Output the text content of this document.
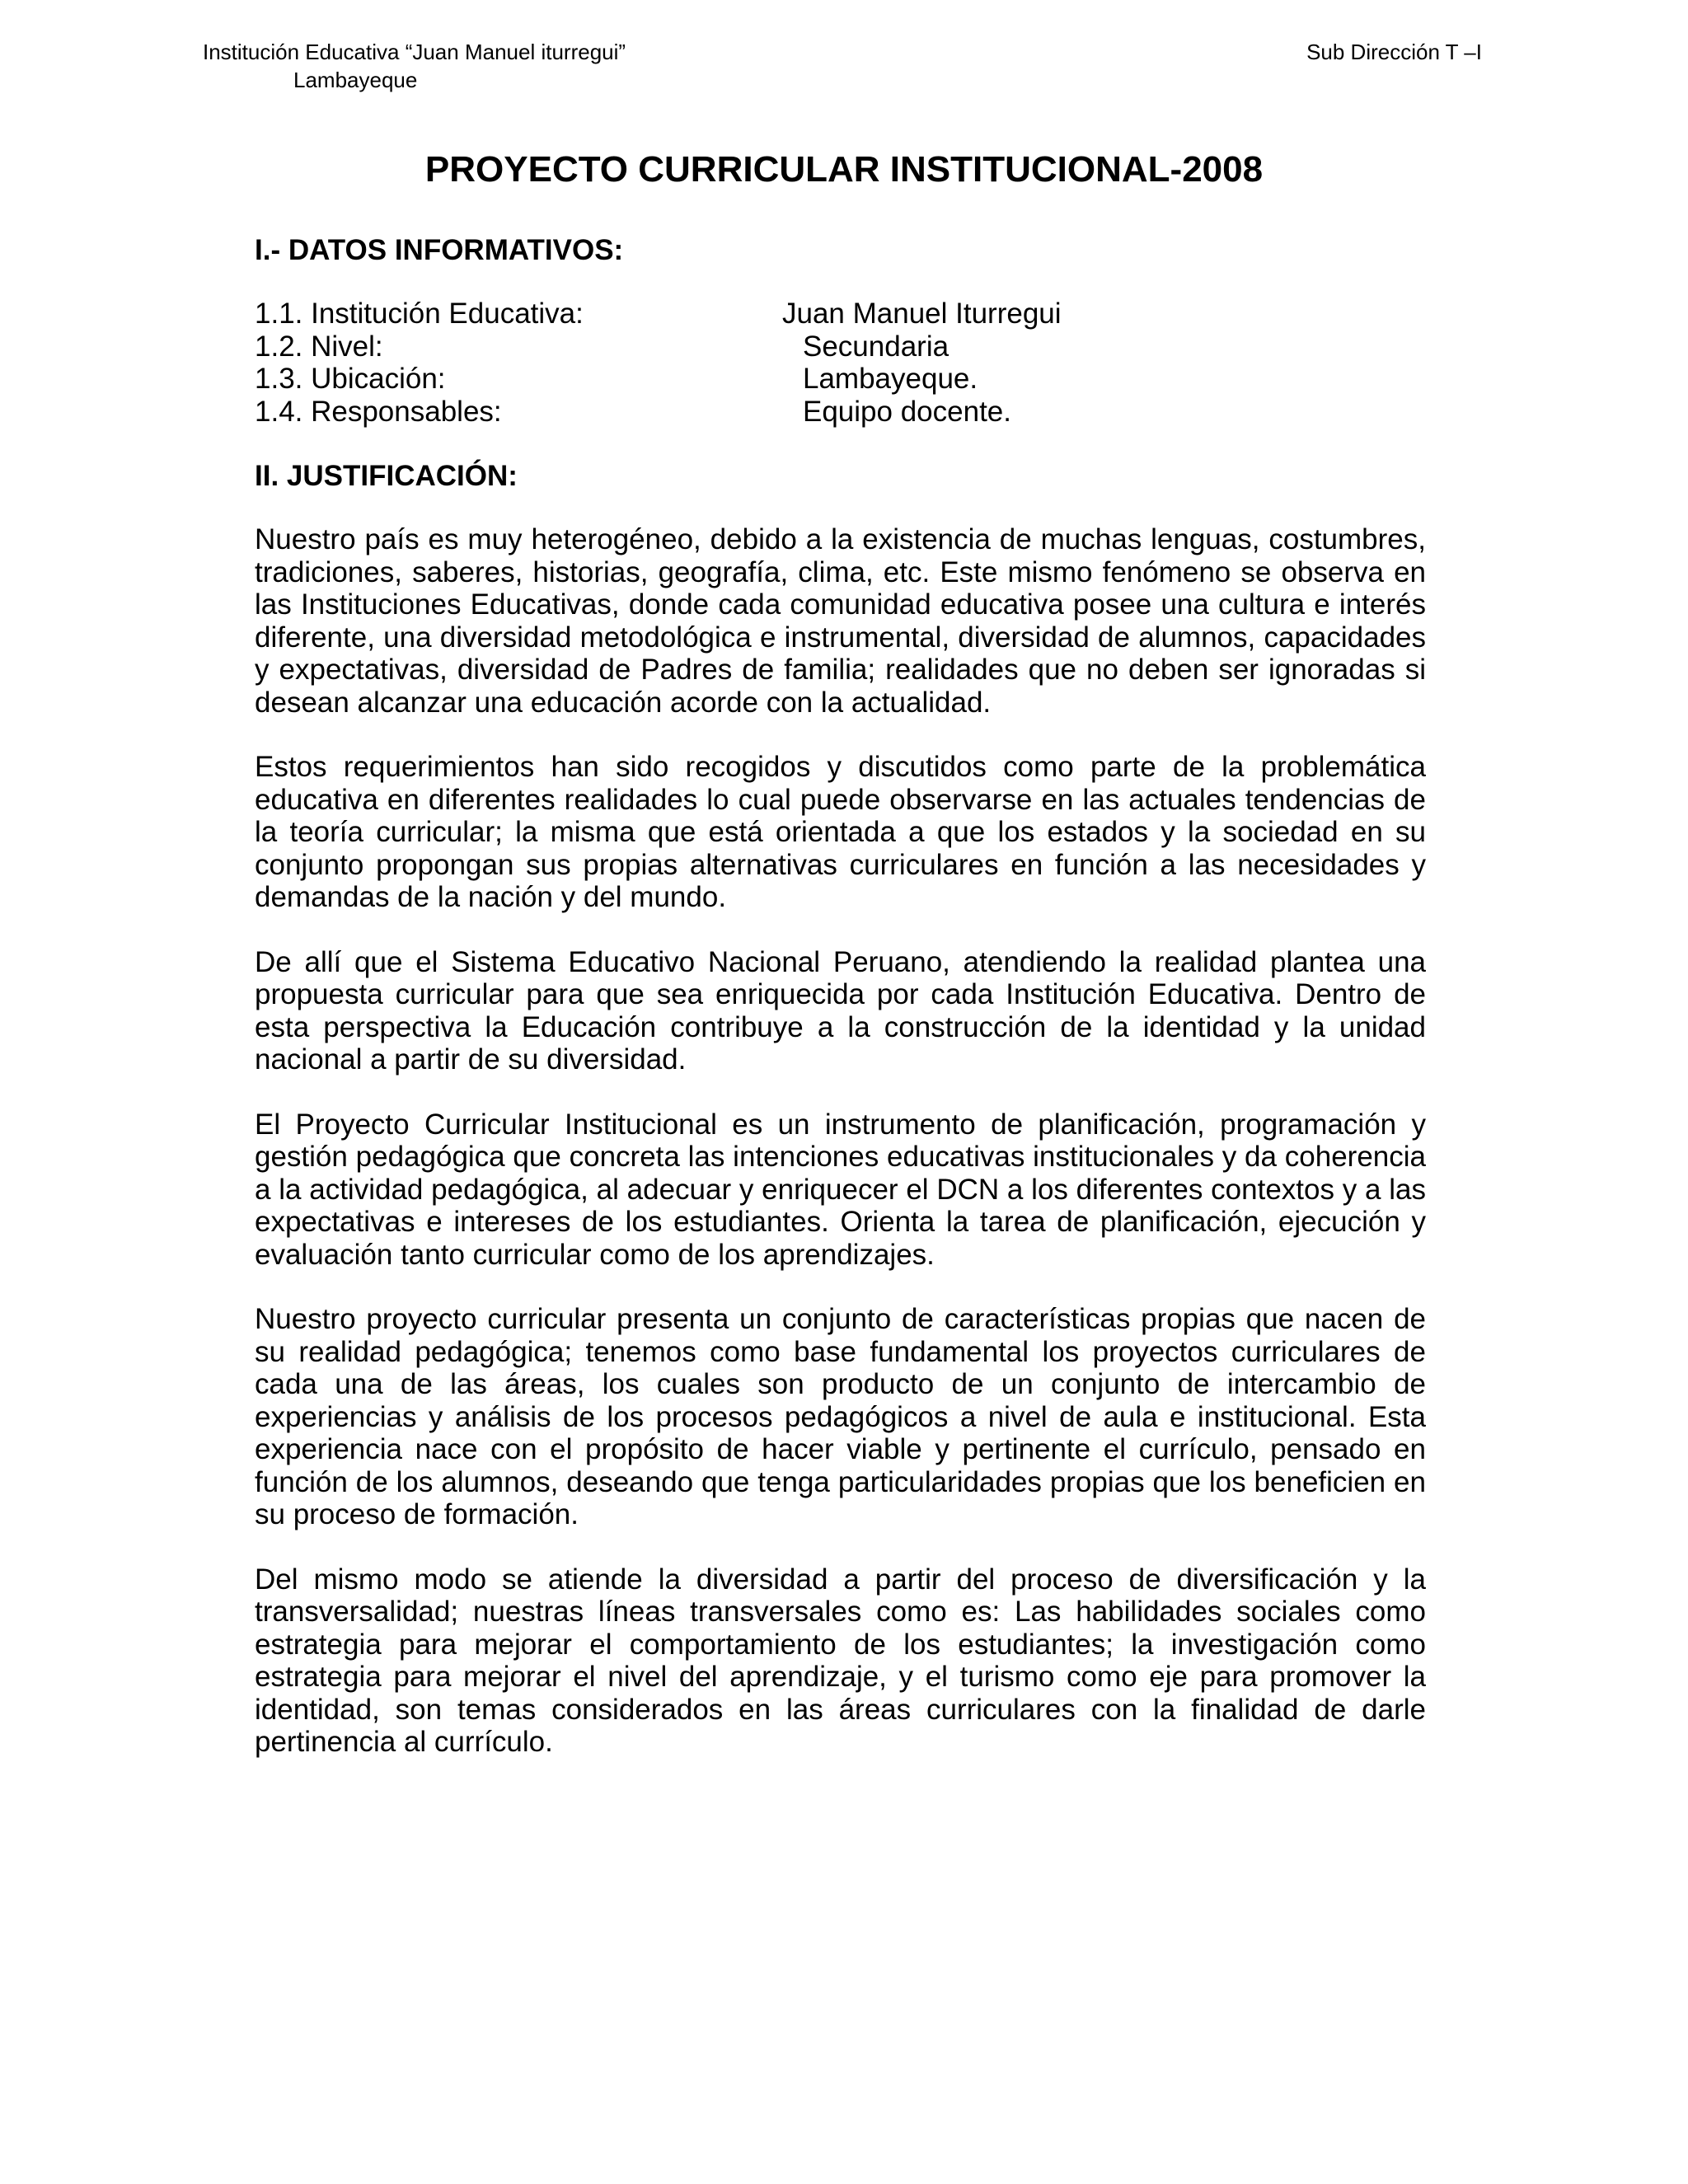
Institución Educativa “Juan Manuel iturregui”
Lambayeque
Sub Dirección T –I
PROYECTO CURRICULAR INSTITUCIONAL-2008
I.- DATOS INFORMATIVOS:
1.1. Institución Educativa:	Juan Manuel Iturregui
1.2. Nivel:	Secundaria
1.3. Ubicación:	Lambayeque.
1.4. Responsables:	Equipo docente.
II. JUSTIFICACIÓN:

Nuestro país es muy heterogéneo, debido a la existencia de muchas lenguas, costumbres, tradiciones, saberes, historias, geografía, clima, etc. Este mismo fenómeno se observa en las Instituciones Educativas, donde cada comunidad educativa posee una cultura e interés diferente, una diversidad metodológica e instrumental, diversidad de alumnos, capacidades y expectativas, diversidad de Padres de familia; realidades que no deben ser ignoradas si desean alcanzar una educación acorde con la actualidad.

Estos requerimientos han sido recogidos y discutidos como parte de la problemática educativa en diferentes realidades lo cual puede observarse en las actuales tendencias de la teoría curricular; la misma que está orientada a que los estados y la sociedad en su conjunto propongan sus propias alternativas curriculares en función a las necesidades y demandas de la nación y del mundo.

De allí que el Sistema Educativo Nacional Peruano, atendiendo la realidad plantea una propuesta curricular para que sea enriquecida por cada Institución Educativa. Dentro de esta perspectiva la Educación contribuye a la construcción de la identidad y la unidad nacional a partir de su diversidad.

El Proyecto Curricular Institucional es un instrumento de planificación, programación y gestión pedagógica que concreta las intenciones educativas institucionales y da coherencia a la actividad pedagógica, al adecuar y enriquecer el DCN a los diferentes contextos y a las expectativas e intereses de los estudiantes. Orienta la tarea de planificación, ejecución y evaluación tanto curricular como de los aprendizajes.

Nuestro proyecto curricular presenta un conjunto de características propias que nacen de su realidad pedagógica; tenemos como base fundamental los proyectos curriculares de cada una de las áreas, los cuales son producto de un conjunto de intercambio de experiencias y análisis de los procesos pedagógicos a nivel de aula e institucional. Esta experiencia nace con el propósito de hacer viable y pertinente el currículo, pensado en función de los alumnos, deseando que tenga particularidades propias que los beneficien en su proceso de formación.

Del mismo modo se atiende la diversidad a partir del proceso de diversificación y la transversalidad; nuestras líneas transversales como es: Las habilidades sociales como estrategia para mejorar el comportamiento de los estudiantes; la investigación como estrategia para mejorar el nivel del aprendizaje, y el turismo como eje para promover la identidad, son temas considerados en las áreas curriculares con la finalidad de darle pertinencia al currículo.
